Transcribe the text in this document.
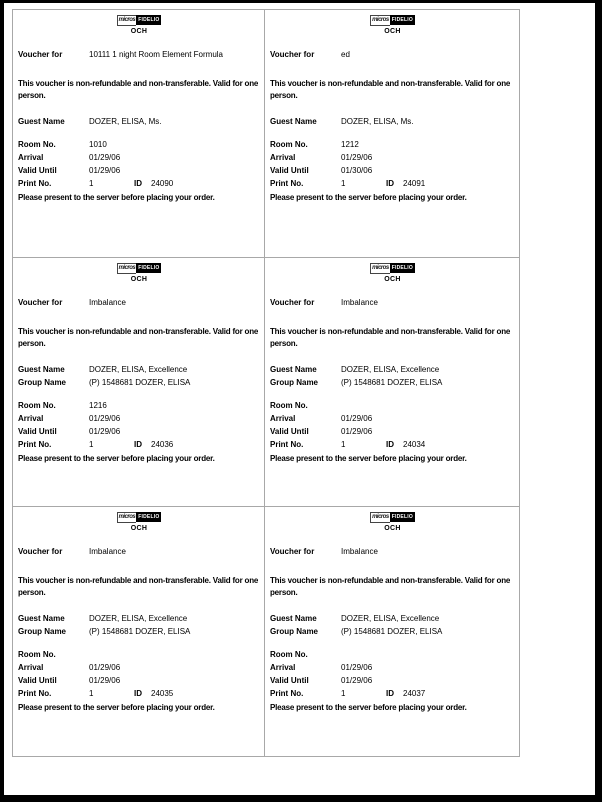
micros FIDELIO
OCH
Voucher for	10111 1 night Room Element Formula
This voucher is non-refundable and non-transferable. Valid for one person.
Guest Name	DOZER, ELISA, Ms.
Room No.	1010
Arrival	01/29/06
Valid Until	01/29/06
Print No.	1	ID	24090
Please present to the server before placing your order.
micros FIDELIO
OCH
Voucher for	ed
This voucher is non-refundable and non-transferable. Valid for one person.
Guest Name	DOZER, ELISA, Ms.
Room No.	1212
Arrival	01/29/06
Valid Until	01/30/06
Print No.	1	ID	24091
Please present to the server before placing your order.
micros FIDELIO
OCH
Voucher for	Imbalance
This voucher is non-refundable and non-transferable. Valid for one person.
Guest Name	DOZER, ELISA, Excellence
Group Name	(P) 1548681 DOZER, ELISA
Room No.	1216
Arrival	01/29/06
Valid Until	01/29/06
Print No.	1	ID	24036
Please present to the server before placing your order.
micros FIDELIO
OCH
Voucher for	Imbalance
This voucher is non-refundable and non-transferable. Valid for one person.
Guest Name	DOZER, ELISA, Excellence
Group Name	(P) 1548681 DOZER, ELISA
Room No.
Arrival	01/29/06
Valid Until	01/29/06
Print No.	1	ID	24034
Please present to the server before placing your order.
micros FIDELIO
OCH
Voucher for	Imbalance
This voucher is non-refundable and non-transferable. Valid for one person.
Guest Name	DOZER, ELISA, Excellence
Group Name	(P) 1548681 DOZER, ELISA
Room No.
Arrival	01/29/06
Valid Until	01/29/06
Print No.	1	ID	24035
Please present to the server before placing your order.
micros FIDELIO
OCH
Voucher for	Imbalance
This voucher is non-refundable and non-transferable. Valid for one person.
Guest Name	DOZER, ELISA, Excellence
Group Name	(P) 1548681 DOZER, ELISA
Room No.
Arrival	01/29/06
Valid Until	01/29/06
Print No.	1	ID	24037
Please present to the server before placing your order.
